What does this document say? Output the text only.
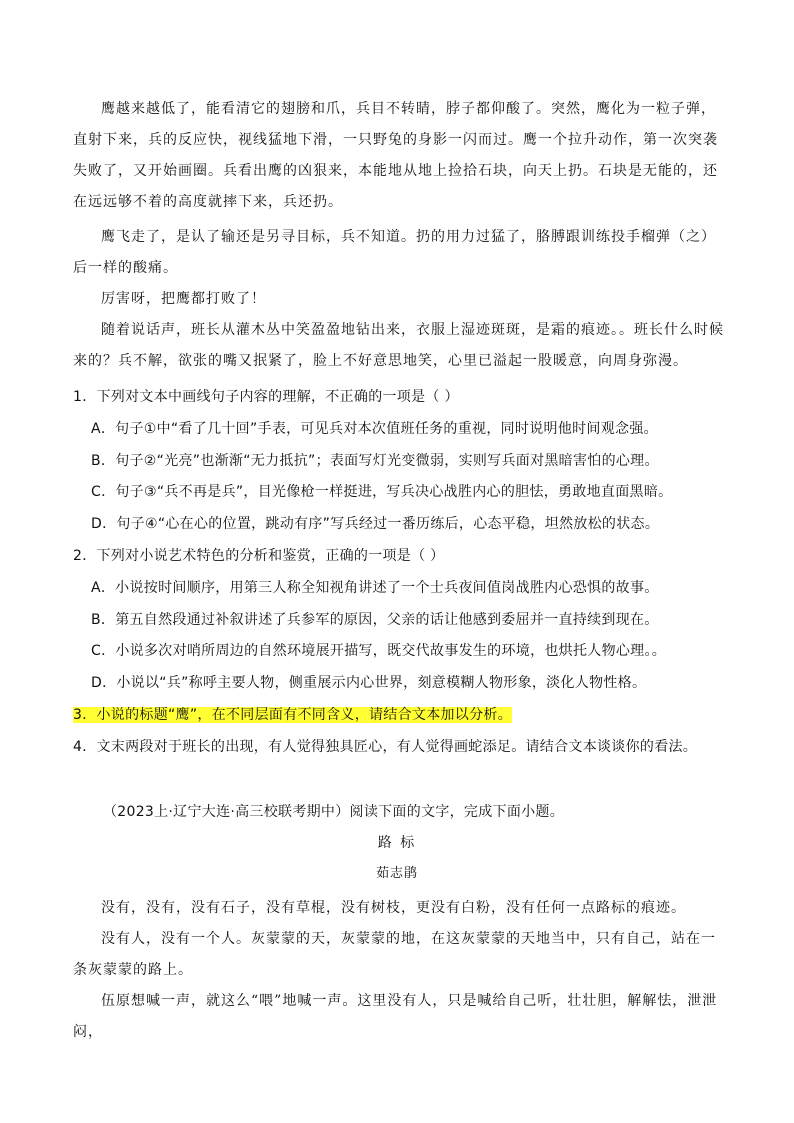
鹰越来越低了，能看清它的翅膀和爪，兵目不转睛，脖子都仰酸了。突然，鹰化为一粒子弹，直射下来，兵的反应快，视线猛地下滑，一只野兔的身影一闪而过。鹰一个拉升动作，第一次突袭失败了，又开始画圈。兵看出鹰的凶狠来，本能地从地上捡拾石块，向天上扔。石块是无能的，还在远远够不着的高度就摔下来，兵还扔。

鹰飞走了，是认了输还是另寻目标，兵不知道。扔的用力过猛了，胳膊跟训练投手榴弹（之）后一样的酸痛。

厉害呀，把鹰都打败了！

随着说话声，班长从灌木丛中笑盈盈地钻出来，衣服上湿迹斑斑，是霜的痕迹。。班长什么时候来的？兵不解，欲张的嘴又抿紧了，脸上不好意思地笑，心里已溢起一股暖意，向周身弥漫。

1．下列对文本中画线句子内容的理解，不正确的一项是（ ）

A．句子①中“看了几十回”手表，可见兵对本次值班任务的重视，同时说明他时间观念强。

B．句子②“光亮”也渐渐“无力抵抗”；表面写灯光变微弱，实则写兵面对黑暗害怕的心理。

C．句子③“兵不再是兵”，目光像枪一样挺进，写兵决心战胜内心的胆怯，勇敢地直面黑暗。

D．句子④“心在心的位置，跳动有序”写兵经过一番历练后，心态平稳，坦然放松的状态。

2．下列对小说艺术特色的分析和鉴赏，正确的一项是（ ）

A．小说按时间顺序，用第三人称全知视角讲述了一个士兵夜间值岗战胜内心恐惧的故事。

B．第五自然段通过补叙讲述了兵参军的原因，父亲的话让他感到委屈并一直持续到现在。

C．小说多次对哨所周边的自然环境展开描写，既交代故事发生的环境，也烘托人物心理。。

D．小说以“兵”称呼主要人物，侧重展示内心世界，刻意模糊人物形象，淡化人物性格。

3．小说的标题“鹰”，在不同层面有不同含义，请结合文本加以分析。

4．文末两段对于班长的出现，有人觉得独具匠心，有人觉得画蛇添足。请结合文本谈谈你的看法。

（2023上·辽宁大连·高三校联考期中）阅读下面的文字，完成下面小题。

路 标

茹志鹃

没有，没有，没有石子，没有草棍，没有树枝，更没有白粉，没有任何一点路标的痕迹。

没有人，没有一个人。灰蒙蒙的天，灰蒙蒙的地，在这灰蒙蒙的天地当中，只有自己，站在一条灰蒙蒙的路上。

伍原想喊一声，就这么“喂”地喊一声。这里没有人，只是喊给自己听，壮壮胆，解解怯，泄泄闷，
